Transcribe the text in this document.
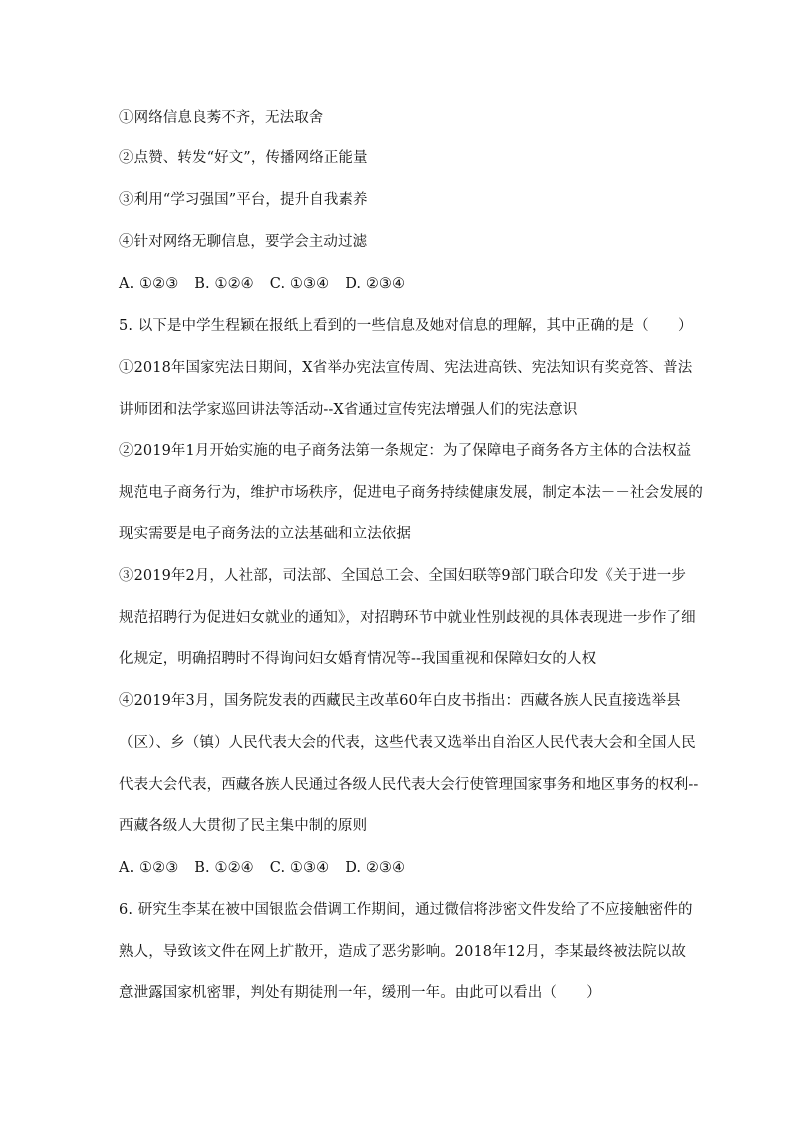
①网络信息良莠不齐，无法取舍
②点赞、转发“好文”，传播网络正能量
③利用“学习强国”平台，提升自我素养
④针对网络无聊信息，要学会主动过滤
A. ①②③ B. ①②④ C. ①③④ D. ②③④
5. 以下是中学生程颖在报纸上看到的一些信息及她对信息的理解，其中正确的是（　　）
①2018年国家宪法日期间，X省举办宪法宣传周、宪法进高铁、宪法知识有奖竞答、普法
讲师团和法学家巡回讲法等活动--X省通过宣传宪法增强人们的宪法意识
②2019年1月开始实施的电子商务法第一条规定：为了保障电子商务各方主体的合法权益
规范电子商务行为，维护市场秩序，促进电子商务持续健康发展，制定本法－－社会发展的
现实需要是电子商务法的立法基础和立法依据
③2019年2月，人社部，司法部、全国总工会、全国妇联等9部门联合印发《关于进一步
规范招聘行为促进妇女就业的通知》，对招聘环节中就业性别歧视的具体表现进一步作了细
化规定，明确招聘时不得询问妇女婚育情况等--我国重视和保障妇女的人权
④2019年3月，国务院发表的西藏民主改革60年白皮书指出：西藏各族人民直接选举县
（区）、乡（镇）人民代表大会的代表，这些代表又选举出自治区人民代表大会和全国人民
代表大会代表，西藏各族人民通过各级人民代表大会行使管理国家事务和地区事务的权利--
西藏各级人大贯彻了民主集中制的原则
A. ①②③ B. ①②④ C. ①③④ D. ②③④
6. 研究生李某在被中国银监会借调工作期间，通过微信将涉密文件发给了不应接触密件的
熟人，导致该文件在网上扩散开，造成了恶劣影响。2018年12月，李某最终被法院以故
意泄露国家机密罪，判处有期徒刑一年，缓刑一年。由此可以看出（　　）
